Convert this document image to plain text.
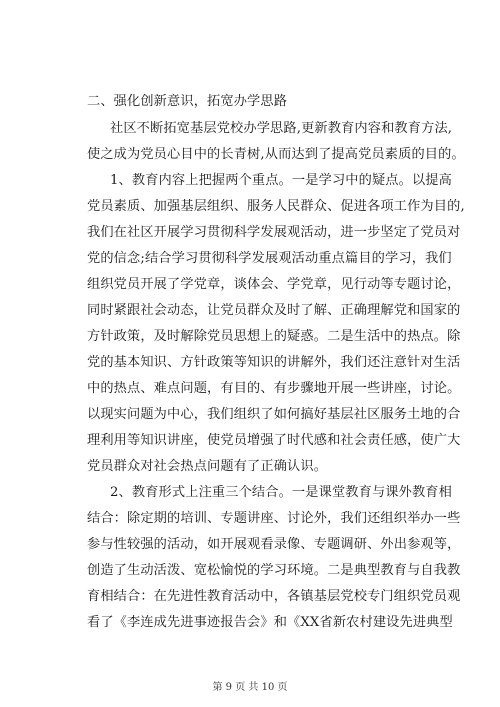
二、强化创新意识，拓宽办学思路
社区不断拓宽基层党校办学思路,更新教育内容和教育方法,
使之成为党员心目中的长青树,从而达到了提高党员素质的目的。
1、教育内容上把握两个重点。一是学习中的疑点。以提高
党员素质、加强基层组织、服务人民群众、促进各项工作为目的,
我们在社区开展学习贯彻科学发展观活动，进一步坚定了党员对
党的信念;结合学习贯彻科学发展观活动重点篇目的学习，我们
组织党员开展了学党章，谈体会、学党章，见行动等专题讨论，
同时紧跟社会动态，让党员群众及时了解、正确理解党和国家的
方针政策，及时解除党员思想上的疑惑。二是生活中的热点。除
党的基本知识、方针政策等知识的讲解外，我们还注意针对生活
中的热点、难点问题，有目的、有步骤地开展一些讲座，讨论。
以现实问题为中心，我们组织了如何搞好基层社区服务土地的合
理利用等知识讲座，使党员增强了时代感和社会责任感，使广大
党员群众对社会热点问题有了正确认识。
2、教育形式上注重三个结合。一是课堂教育与课外教育相
结合：除定期的培训、专题讲座、讨论外，我们还组织举办一些
参与性较强的活动，如开展观看录像、专题调研、外出参观等，
创造了生动活泼、宽松愉悦的学习环境。二是典型教育与自我教
育相结合：在先进性教育活动中，各镇基层党校专门组织党员观
看了《李连成先进事迹报告会》和《XX省新农村建设先进典型
第 9 页 共 10 页
